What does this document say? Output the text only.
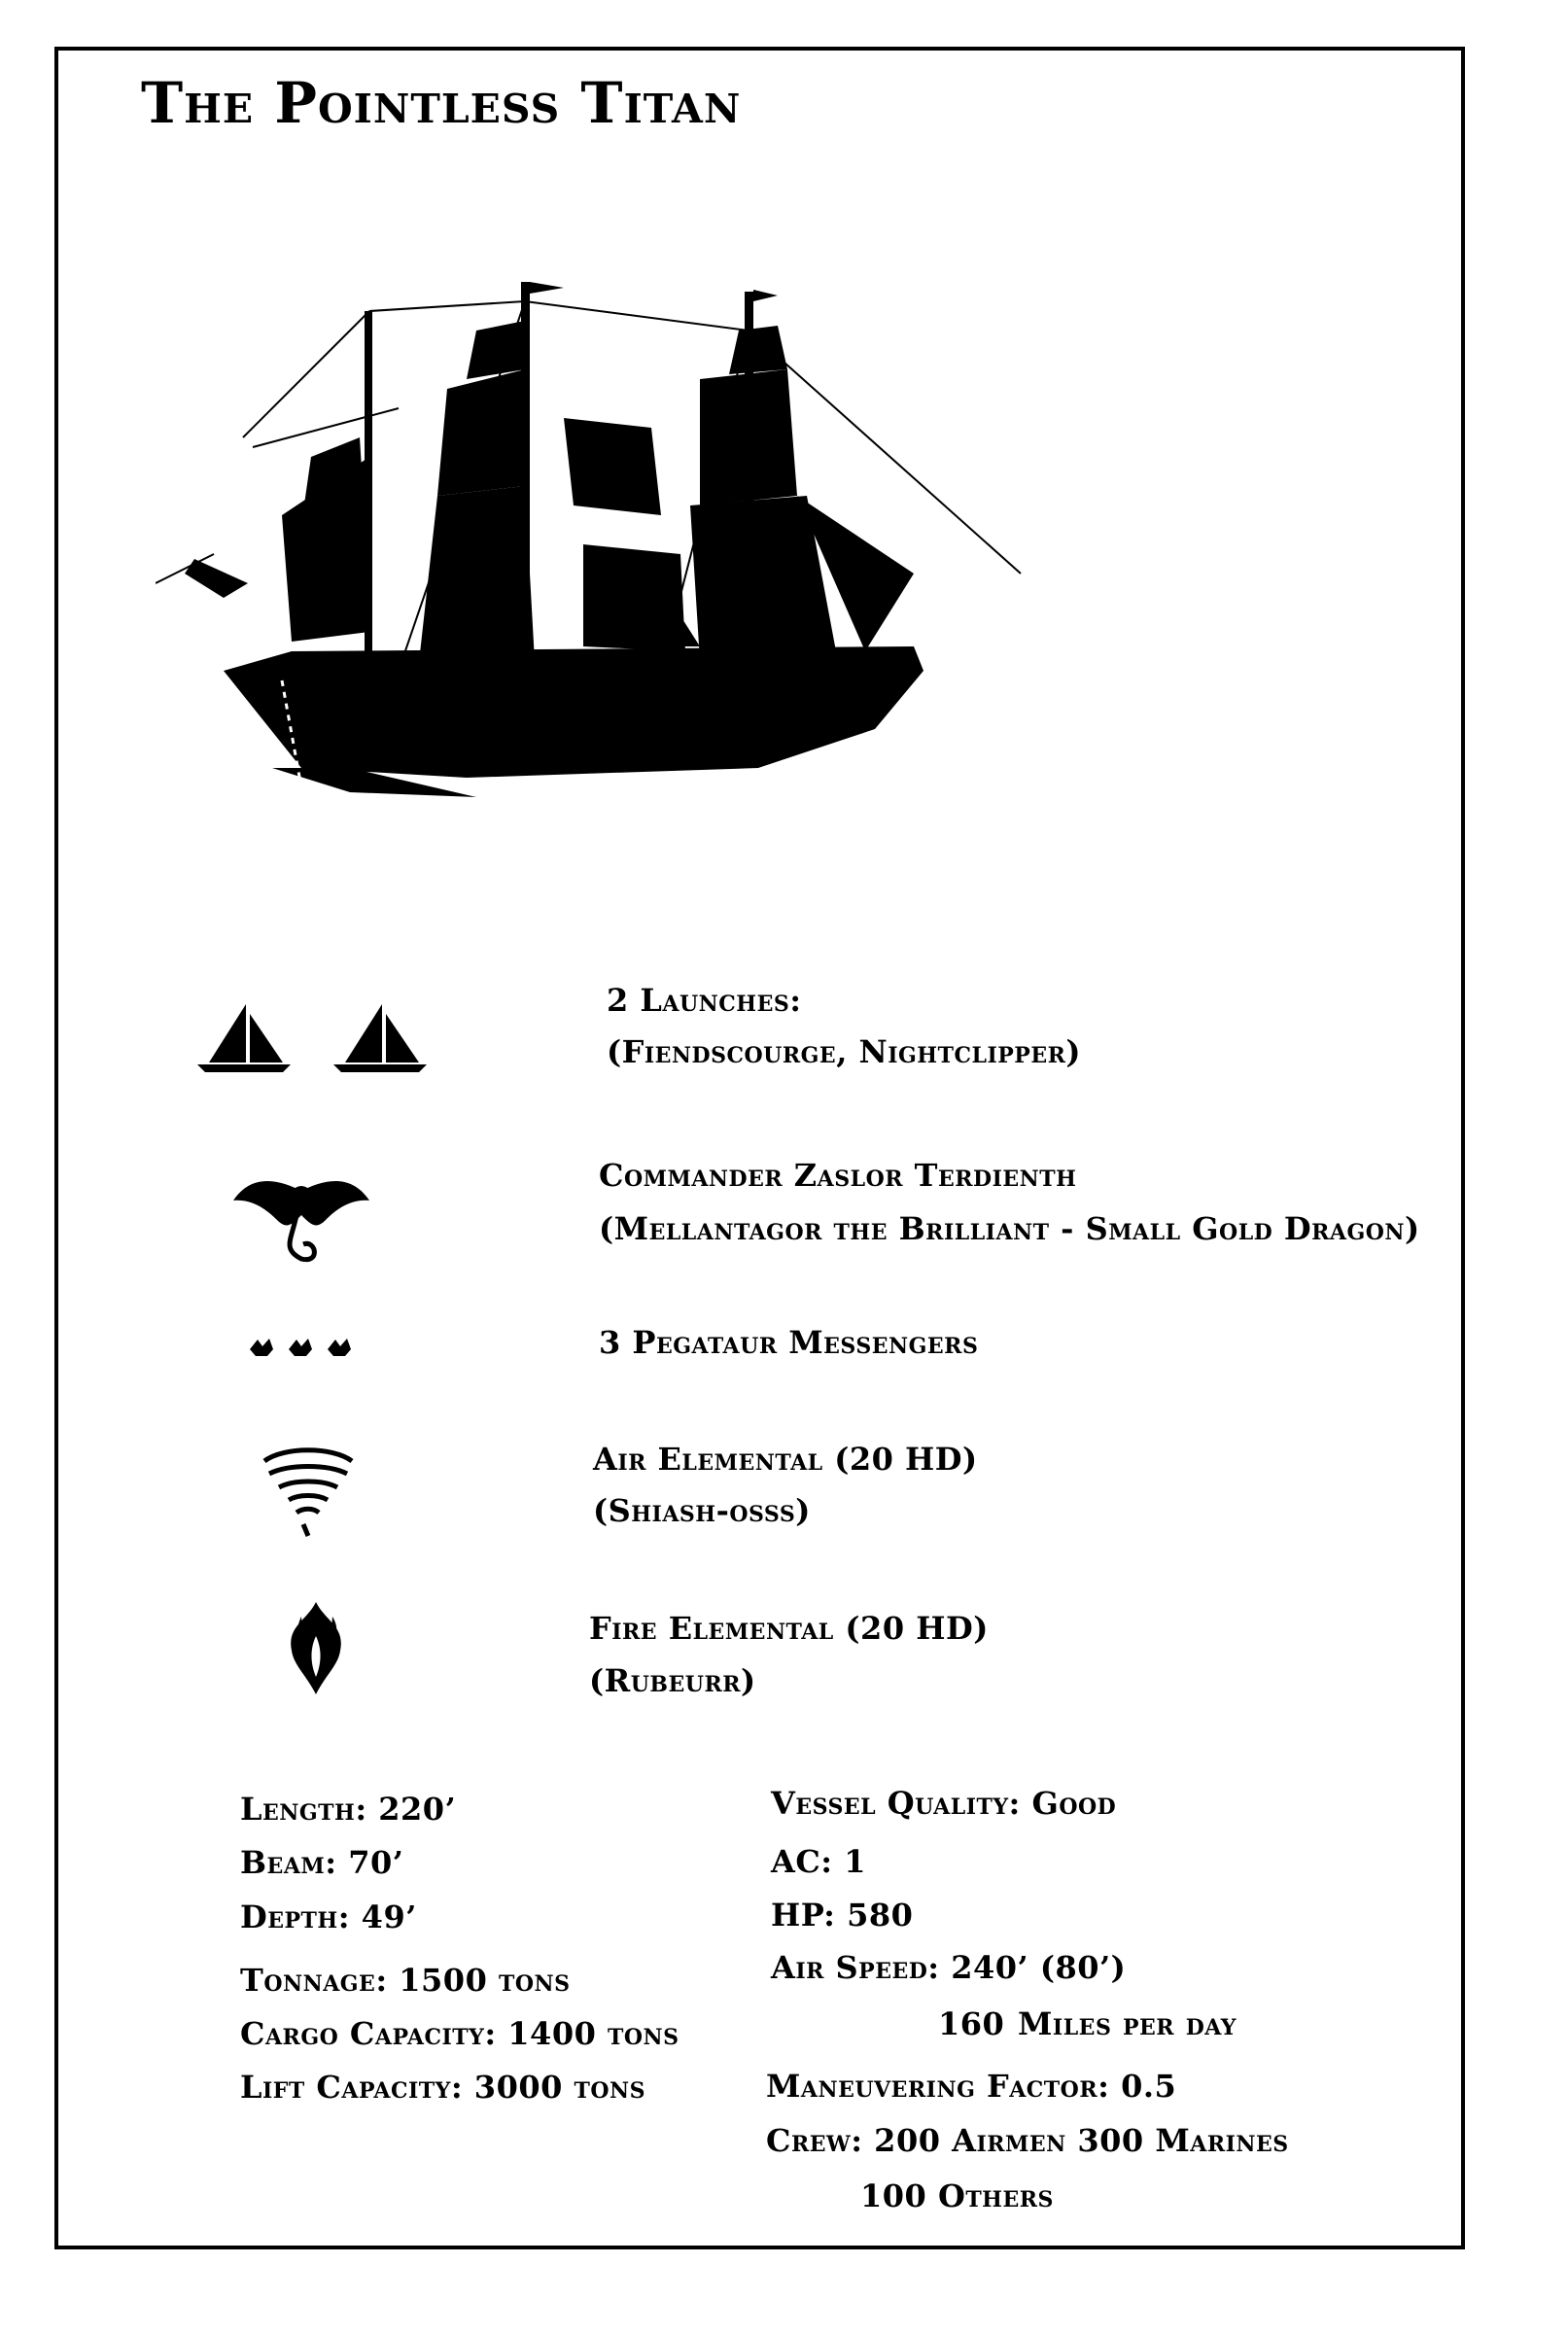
The Pointless Titan
2 Launches:
(Fiendscourge, Nightclipper)
Commander Zaslor Terdienth
(Mellantagor the Brilliant - Small Gold Dragon)
3 Pegataur Messengers
Air Elemental (20 HD)
(Shiash-osss)
Fire Elemental (20 HD)
(Rubeurr)
Length: 220’
Beam: 70’
Depth: 49’
Tonnage: 1500 tons
Cargo Capacity: 1400 tons
Lift Capacity: 3000 tons
Vessel Quality: Good
AC: 1
HP: 580
Air Speed: 240’ (80’)
160 Miles per day
Maneuvering Factor: 0.5
Crew: 200 Airmen 300 Marines
100 Others
